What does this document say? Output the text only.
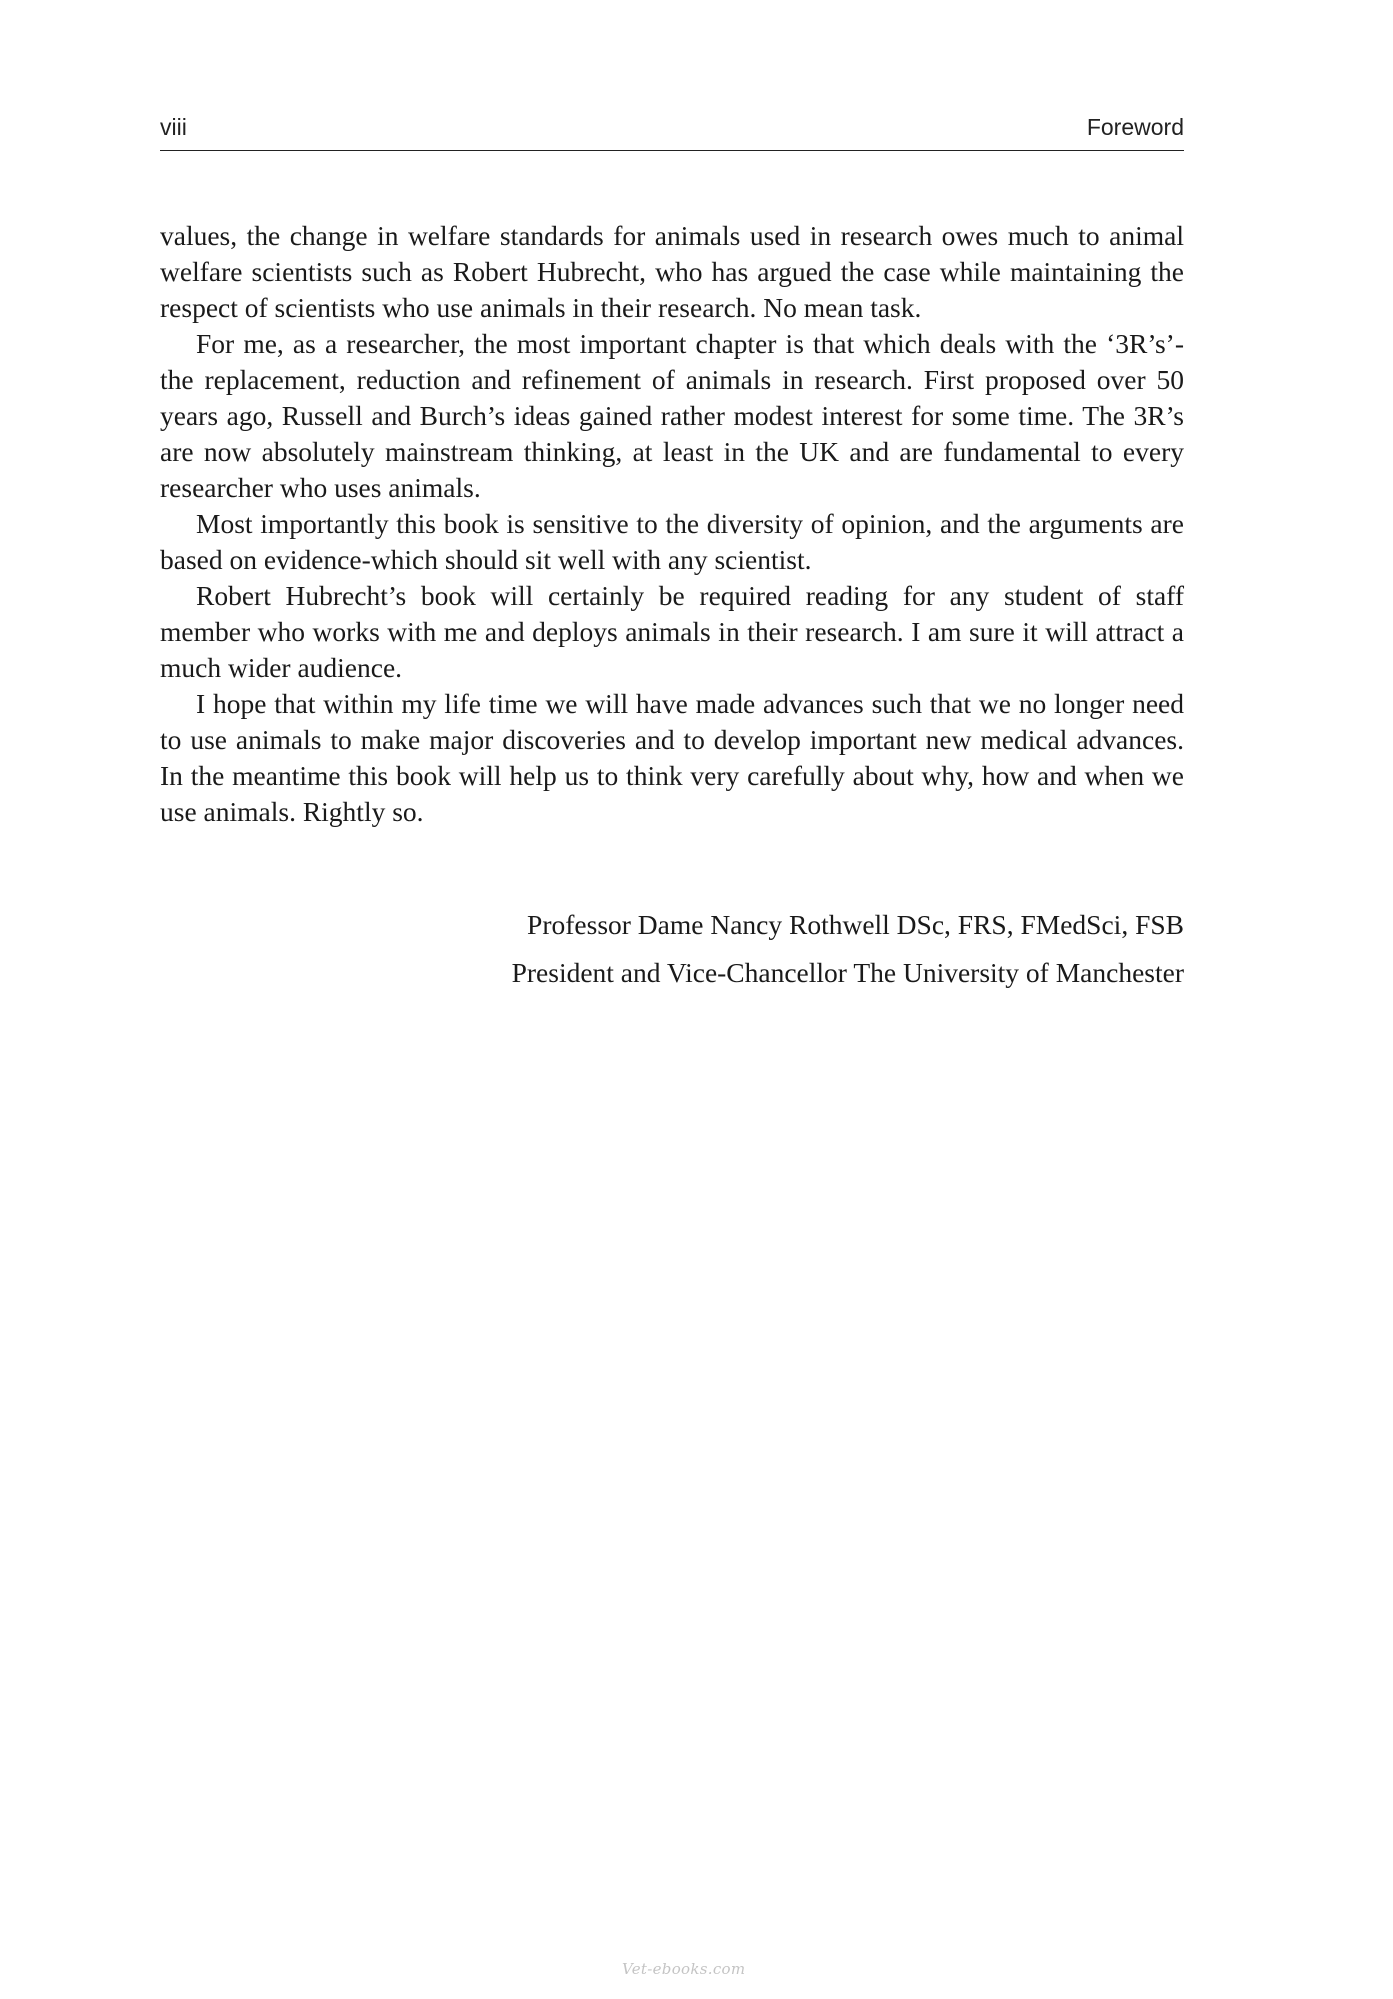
viii	Foreword

values, the change in welfare standards for animals used in research owes much to animal welfare scientists such as Robert Hubrecht, who has argued the case while maintaining the respect of scientists who use animals in their research. No mean task.

For me, as a researcher, the most important chapter is that which deals with the ‘3R’s’- the replacement, reduction and refinement of animals in research. First proposed over 50 years ago, Russell and Burch’s ideas gained rather modest interest for some time. The 3R’s are now absolutely mainstream thinking, at least in the UK and are fundamental to every researcher who uses animals.

Most importantly this book is sensitive to the diversity of opinion, and the arguments are based on evidence-which should sit well with any scientist.

Robert Hubrecht’s book will certainly be required reading for any student of staff member who works with me and deploys animals in their research. I am sure it will attract a much wider audience.

I hope that within my life time we will have made advances such that we no longer need to use animals to make major discoveries and to develop important new medical advances. In the meantime this book will help us to think very carefully about why, how and when we use animals. Rightly so.

Professor Dame Nancy Rothwell DSc, FRS, FMedSci, FSB
President and Vice-Chancellor The University of Manchester
Vet-ebooks.com
